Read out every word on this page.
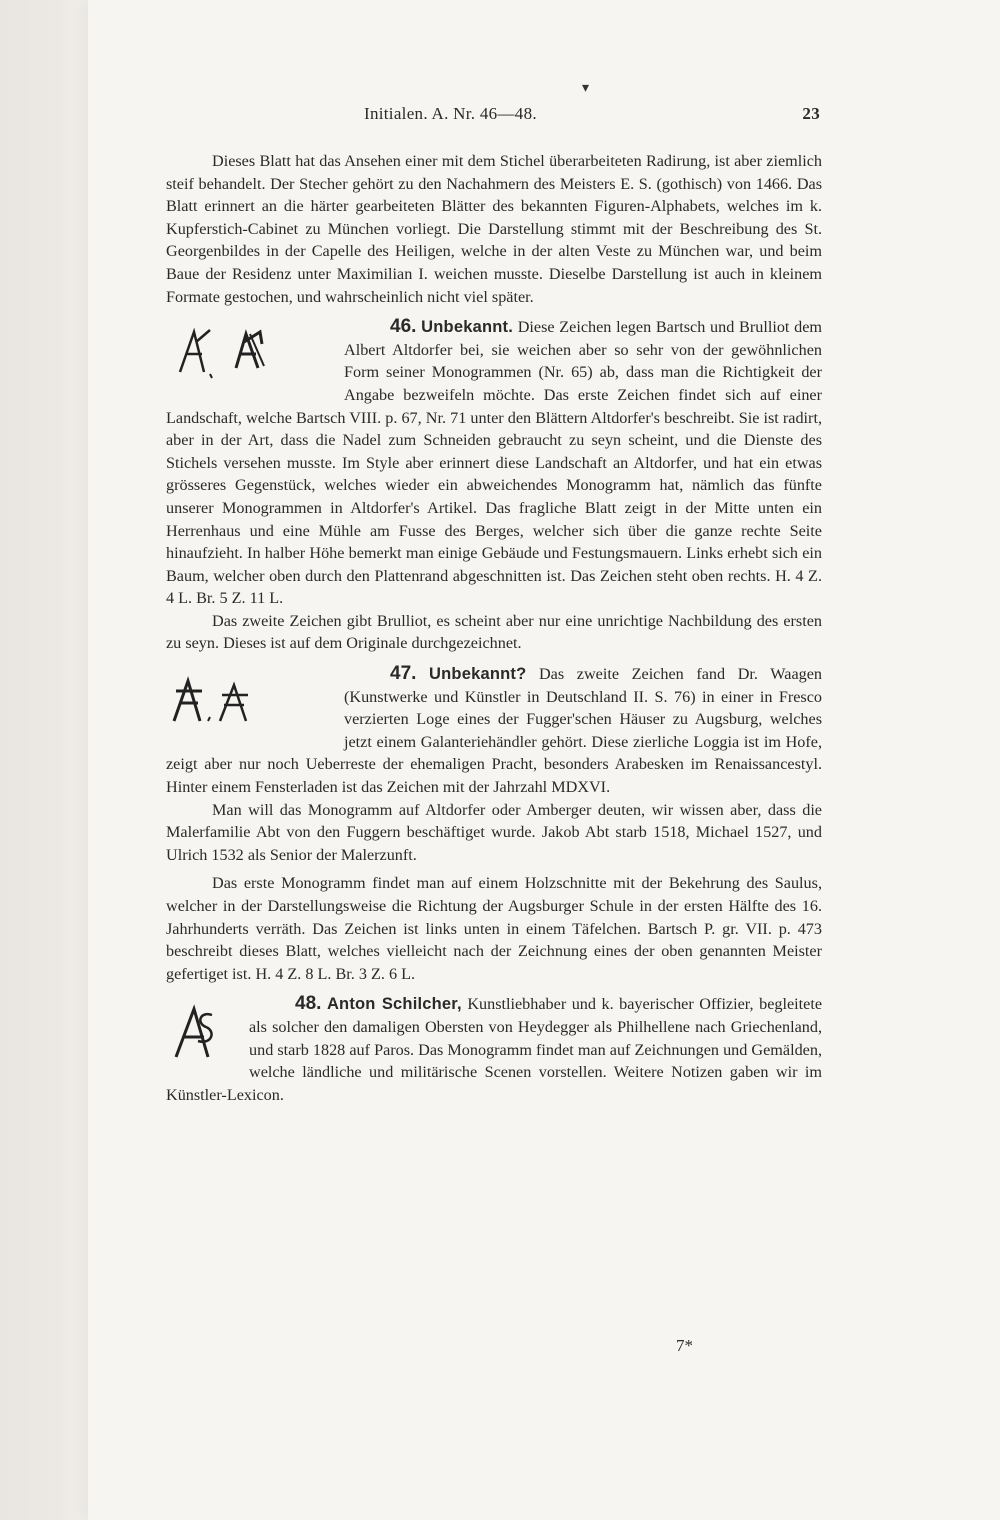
▾
Initialen. A. Nr. 46—48.	23

Dieses Blatt hat das Ansehen einer mit dem Stichel überarbeiteten Radirung, ist aber ziemlich steif behandelt. Der Stecher gehört zu den Nachahmern des Meisters E. S. (gothisch) von 1466. Das Blatt erinnert an die härter gearbeiteten Blätter des bekannten Figuren-Alphabets, welches im k. Kupferstich-Cabinet zu München vorliegt. Die Darstellung stimmt mit der Beschreibung des St. Georgenbildes in der Capelle des Heiligen, welche in der alten Veste zu München war, und beim Baue der Residenz unter Maximilian I. weichen musste. Dieselbe Darstellung ist auch in kleinem Formate gestochen, und wahrscheinlich nicht viel später.

46. Unbekannt. Diese Zeichen legen Bartsch und Brulliot dem Albert Altdorfer bei, sie weichen aber so sehr von der gewöhnlichen Form seiner Monogrammen (Nr. 65) ab, dass man die Richtigkeit der Angabe bezweifeln möchte. Das erste Zeichen findet sich auf einer Landschaft, welche Bartsch VIII. p. 67, Nr. 71 unter den Blättern Altdorfer's beschreibt. Sie ist radirt, aber in der Art, dass die Nadel zum Schneiden gebraucht zu seyn scheint, und die Dienste des Stichels versehen musste. Im Style aber erinnert diese Landschaft an Altdorfer, und hat ein etwas grösseres Gegenstück, welches wieder ein abweichendes Monogramm hat, nämlich das fünfte unserer Monogrammen in Altdorfer's Artikel. Das fragliche Blatt zeigt in der Mitte unten ein Herrenhaus und eine Mühle am Fusse des Berges, welcher sich über die ganze rechte Seite hinaufzieht. In halber Höhe bemerkt man einige Gebäude und Festungsmauern. Links erhebt sich ein Baum, welcher oben durch den Plattenrand abgeschnitten ist. Das Zeichen steht oben rechts. H. 4 Z. 4 L. Br. 5 Z. 11 L.

Das zweite Zeichen gibt Brulliot, es scheint aber nur eine unrichtige Nachbildung des ersten zu seyn. Dieses ist auf dem Originale durchgezeichnet.

47. Unbekannt? Das zweite Zeichen fand Dr. Waagen (Kunstwerke und Künstler in Deutschland II. S. 76) in einer in Fresco verzierten Loge eines der Fugger'schen Häuser zu Augsburg, welches jetzt einem Galanteriehändler gehört. Diese zierliche Loggia ist im Hofe, zeigt aber nur noch Ueberreste der ehemaligen Pracht, besonders Arabesken im Renaissancestyl. Hinter einem Fensterladen ist das Zeichen mit der Jahrzahl MDXVI.

Man will das Monogramm auf Altdorfer oder Amberger deuten, wir wissen aber, dass die Malerfamilie Abt von den Fuggern beschäftiget wurde. Jakob Abt starb 1518, Michael 1527, und Ulrich 1532 als Senior der Malerzunft.

Das erste Monogramm findet man auf einem Holzschnitte mit der Bekehrung des Saulus, welcher in der Darstellungsweise die Richtung der Augsburger Schule in der ersten Hälfte des 16. Jahrhunderts verräth. Das Zeichen ist links unten in einem Täfelchen. Bartsch P. gr. VII. p. 473 beschreibt dieses Blatt, welches vielleicht nach der Zeichnung eines der oben genannten Meister gefertiget ist. H. 4 Z. 8 L. Br. 3 Z. 6 L.

48. Anton Schilcher, Kunstliebhaber und k. bayerischer Offizier, begleitete als solcher den damaligen Obersten von Heydegger als Philhellene nach Griechenland, und starb 1828 auf Paros. Das Monogramm findet man auf Zeichnungen und Gemälden, welche ländliche und militärische Scenen vorstellen. Weitere Notizen gaben wir im Künstler-Lexicon.

7*
